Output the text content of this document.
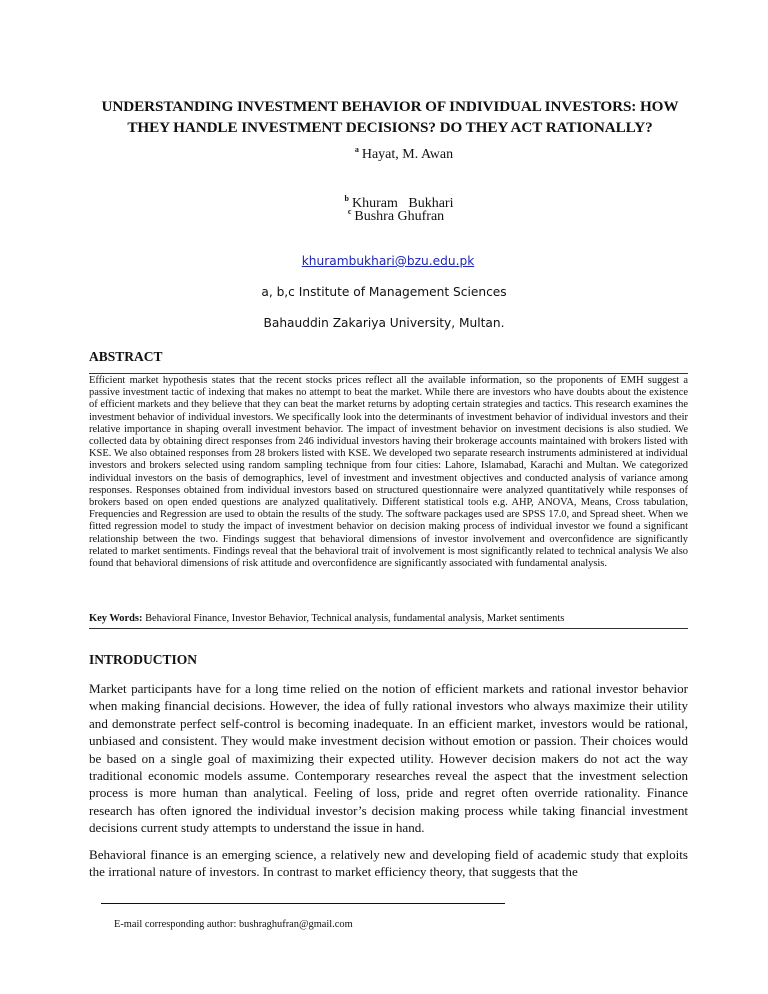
UNDERSTANDING INVESTMENT BEHAVIOR OF INDIVIDUAL INVESTORS: HOW THEY HANDLE INVESTMENT DECISIONS? DO THEY ACT RATIONALLY?
$^a$ Hayat, M. Awan

$^b$ Khuram   Bukhari

$^c$ Bushra Ghufran
khurambukhari@bzu.edu.pk
a, b,c Institute of Management Sciences
Bahauddin Zakariya University, Multan.
ABSTRACT

Efficient market hypothesis states that the recent stocks prices reflect all the available information, so the proponents of EMH suggest a passive investment tactic of indexing that makes no attempt to beat the market. While there are investors who have doubts about the existence of efficient markets and they believe that they can beat the market returns by adopting certain strategies and tactics. This research examines the investment behavior of individual investors. We specifically look into the determinants of investment behavior of individual investors and their relative importance in shaping overall investment behavior. The impact of investment behavior on investment decisions is also studied. We collected data by obtaining direct responses from 246 individual investors having their brokerage accounts maintained with brokers listed with KSE. We also obtained responses from 28 brokers listed with KSE. We developed two separate research instruments administered at individual investors and brokers selected using random sampling technique from four cities: Lahore, Islamabad, Karachi and Multan. We categorized individual investors on the basis of demographics, level of investment and investment objectives and conducted analysis of variance among responses. Responses obtained from individual investors based on structured questionnaire were analyzed quantitatively while responses of brokers based on open ended questions are analyzed qualitatively. Different statistical tools e.g. AHP, ANOVA, Means, Cross tabulation, Frequencies and Regression are used to obtain the results of the study. The software packages used are SPSS 17.0, and Spread sheet. When we fitted regression model to study the impact of investment behavior on decision making process of individual investor we found a significant relationship between the two. Findings suggest that behavioral dimensions of investor involvement and overconfidence are significantly related to market sentiments. Findings reveal that the behavioral trait of involvement is most significantly related to technical analysis We also found that behavioral dimensions of risk attitude and overconfidence are significantly associated with fundamental analysis.

Key Words: Behavioral Finance, Investor Behavior, Technical analysis, fundamental analysis, Market sentiments

INTRODUCTION

Market participants have for a long time relied on the notion of efficient markets and rational investor behavior when making financial decisions. However, the idea of fully rational investors who always maximize their utility and demonstrate perfect self-control is becoming inadequate. In an efficient market, investors would be rational, unbiased and consistent. They would make investment decision without emotion or passion. Their choices would be based on a single goal of maximizing their expected utility. However decision makers do not act the way traditional economic models assume. Contemporary researches reveal the aspect that the investment selection process is more human than analytical. Feeling of loss, pride and regret often override rationality. Finance research has often ignored the individual investor’s decision making process while taking financial investment decisions current study attempts to understand the issue in hand.

Behavioral finance is an emerging science, a relatively new and developing field of academic study that exploits the irrational nature of investors. In contrast to market efficiency theory, that suggests that the

E-mail corresponding author: bushraghufran@gmail.com
